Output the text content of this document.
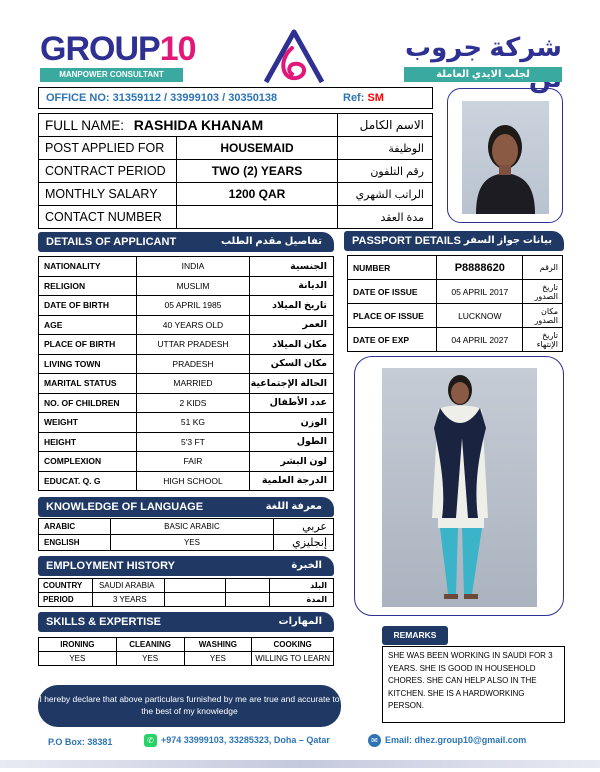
GROUP10
MANPOWER CONSULTANT
شركة جروب
لجلب الايدي العاملة
OFFICE NO: 31359112 / 33999103 / 30350138	Ref: SM
FULL NAME: RASHIDA KHANAM		الاسم الكامل
POST APPLIED FOR	HOUSEMAID	الوظيفة
CONTRACT PERIOD	TWO (2) YEARS	رقم التلفون
MONTHLY SALARY	1200 QAR	الراتب الشهري
CONTACT NUMBER		مدة العقد
DETAILS OF APPLICANT	تفاصيل مقدم الطلب
NATIONALITY	INDIA	الجنسية
RELIGION	MUSLIM	الديانة
DATE OF BIRTH	05 APRIL 1985	تاريخ الميلاد
AGE	40 YEARS OLD	العمر
PLACE OF BIRTH	UTTAR PRADESH	مكان الميلاد
LIVING TOWN	PRADESH	مكان السكن
MARITAL STATUS	MARRIED	الحالة الإجتماعية
NO. OF CHILDREN	2 KIDS	عدد الأطفال
WEIGHT	51 KG	الوزن
HEIGHT	5'3 FT	الطول
COMPLEXION	FAIR	لون البشر
EDUCAT. Q. G	HIGH SCHOOL	الدرجة العلمية
PASSPORT DETAILS بيانات جواز السفر
NUMBER	P8888620	الرقم
DATE OF ISSUE	05 APRIL 2017	تاريخ الصدور
PLACE OF ISSUE	LUCKNOW	مكان الصدور
DATE OF EXP	04 APRIL 2027	تاريخ الإنتهاء
KNOWLEDGE OF LANGUAGE	معرفة اللغة
ARABIC	BASIC ARABIC	عربي
ENGLISH	YES	إنجليزي
EMPLOYMENT HISTORY	الخبرة
COUNTRY	SAUDI ARABIA			البلد
PERIOD	3 YEARS			المدة
SKILLS & EXPERTISE	المهارات
IRONING	CLEANING	WASHING	COOKING
YES	YES	YES	WILLING TO LEARN
REMARKS
SHE WAS BEEN WORKING IN SAUDI FOR 3 YEARS. SHE IS GOOD IN HOUSEHOLD CHORES. SHE CAN HELP ALSO IN THE KITCHEN. SHE IS A HARDWORKING PERSON.
I hereby declare that above particulars furnished by me are true and accurate to the best of my knowledge
P.O Box: 38381	✆ +974 33999103, 33285323, Doha – Qatar	✉ Email: dhez.group10@gmail.com
